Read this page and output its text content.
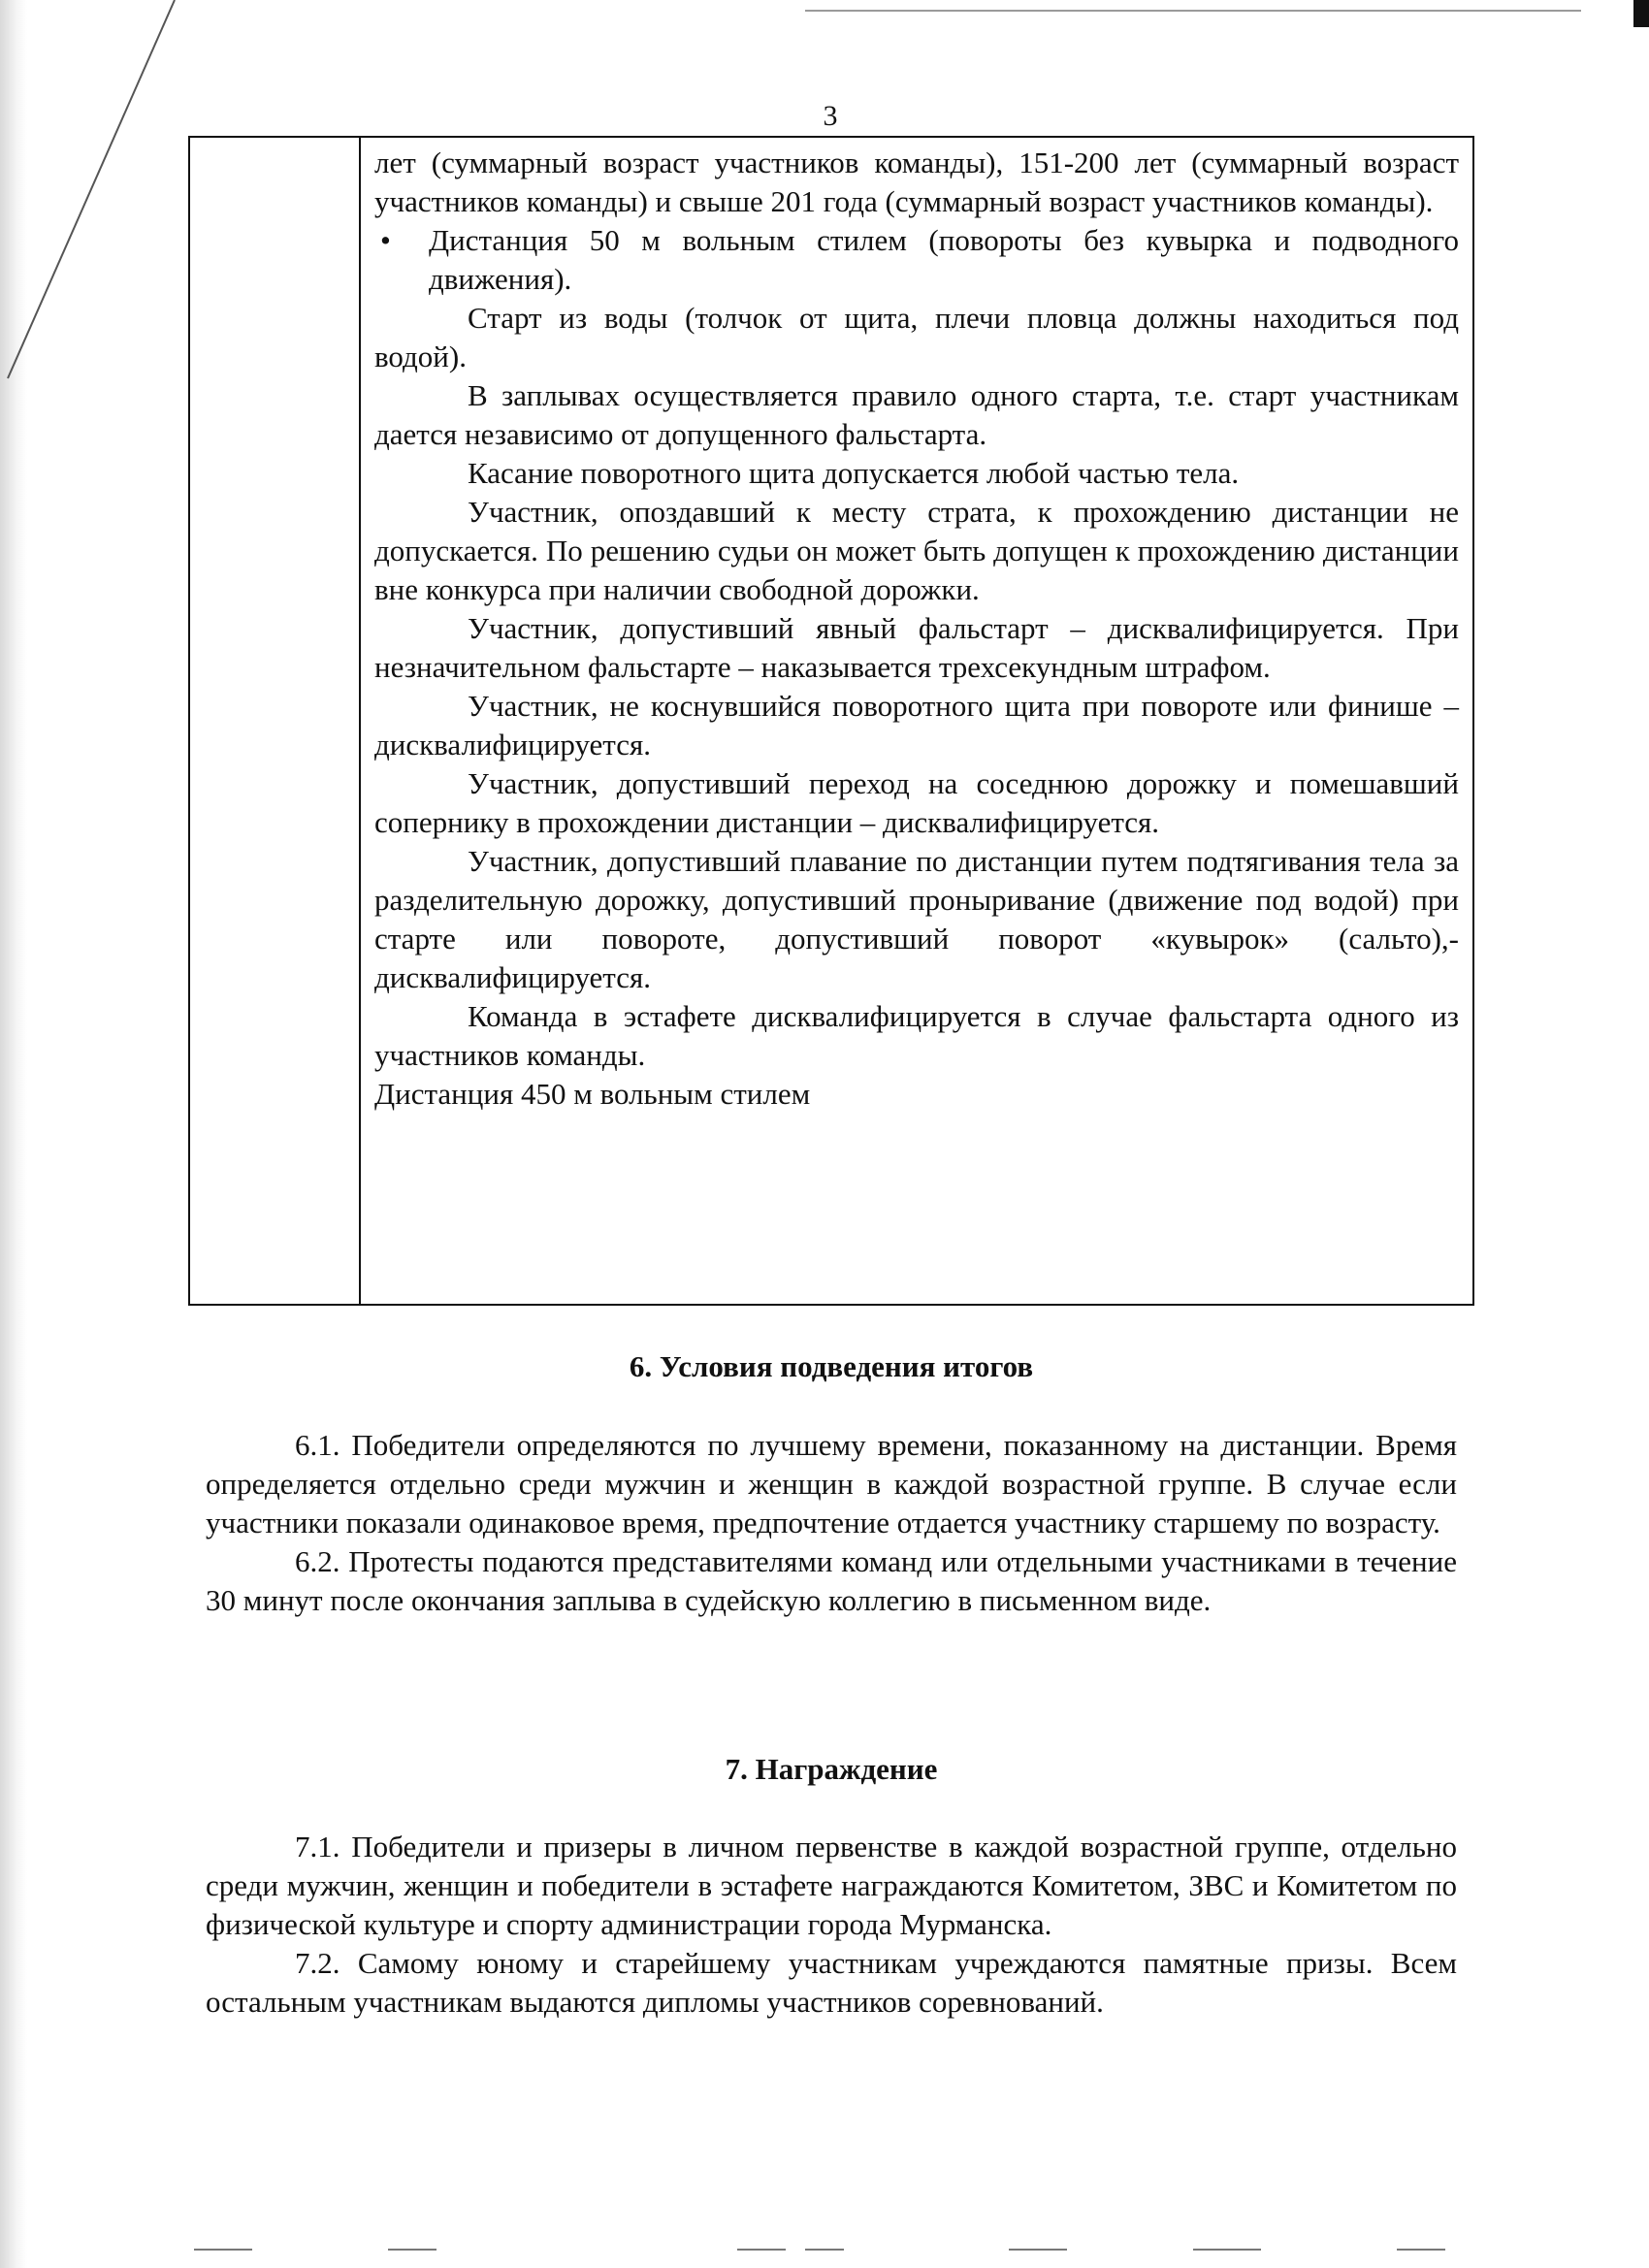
3

лет (суммарный возраст участников команды), 151-200 лет (суммарный возраст участников команды) и свыше 201 года (суммарный возраст участников команды).

•	Дистанция 50 м вольным стилем (повороты без кувырка и подводного движения).

Старт из воды (толчок от щита, плечи пловца должны находиться под водой).

В заплывах осуществляется правило одного старта, т.е. старт участникам дается независимо от допущенного фальстарта.

Касание поворотного щита допускается любой частью тела.

Участник, опоздавший к месту страта, к прохождению дистанции не допускается. По решению судьи он может быть допущен к прохождению дистанции вне конкурса при наличии свободной дорожки.

Участник, допустивший явный фальстарт – дисквалифицируется. При незначительном фальстарте – наказывается трехсекундным штрафом.

Участник, не коснувшийся поворотного щита при повороте или финише – дисквалифицируется.

Участник, допустивший переход на соседнюю дорожку и помешавший сопернику в прохождении дистанции – дисквалифицируется.

Участник, допустивший плавание по дистанции путем подтягивания тела за разделительную дорожку, допустивший проныривание (движение под водой) при старте или повороте, допустивший поворот «кувырок» (сальто),- дисквалифицируется.

Команда в эстафете дисквалифицируется в случае фальстарта одного из участников команды.

Дистанция 450 м вольным стилем

6. Условия подведения итогов

6.1. Победители определяются по лучшему времени, показанному на дистанции. Время определяется отдельно среди мужчин и женщин в каждой возрастной группе. В случае если участники показали одинаковое время, предпочтение отдается участнику старшему по возрасту.

6.2. Протесты подаются представителями команд или отдельными участниками в течение 30 минут после окончания заплыва в судейскую коллегию в письменном виде.

7. Награждение

7.1. Победители и призеры в личном первенстве в каждой возрастной группе, отдельно среди мужчин, женщин и победители в эстафете награждаются Комитетом, ЗВС и Комитетом по физической культуре и спорту администрации города Мурманска.

7.2. Самому юному и старейшему участникам учреждаются памятные призы. Всем остальным участникам выдаются дипломы участников соревнований.
